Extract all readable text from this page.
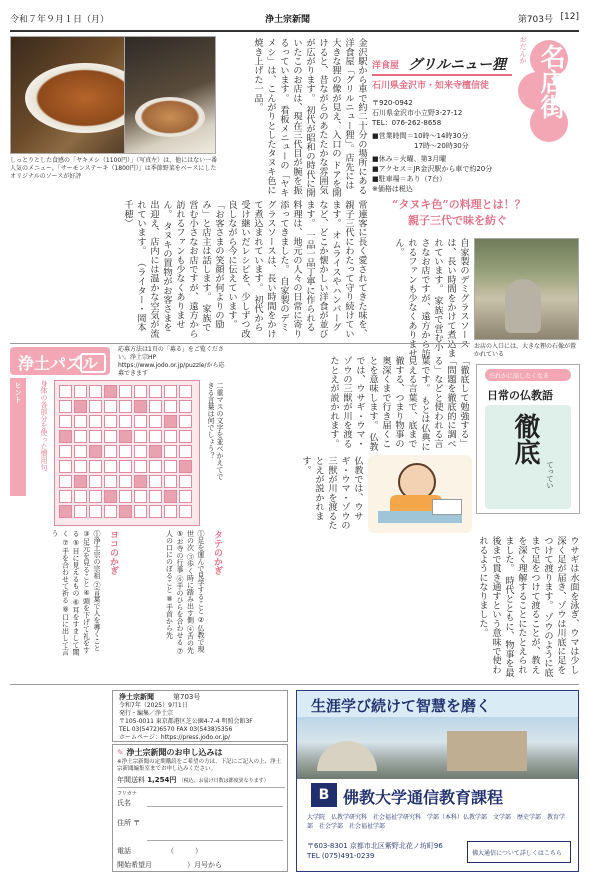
令和７年９月１日（月）	浄土宗新聞	第703号 [12]
しっとりとした食感の「ヤキメシ（1100円）」（写真左）は、他にはない一番人気のメニュー。「サーモンステーキ（1800円）」は季節野菜をベースにしたオリジナルのソースが好評	金沢駅から車で約二十分の場所にある洋食屋「グリルニュー狸」。店先には大きな狸の像が見え、入口の ドアを開けると、昔ながらのあたたかな雰囲気が広がります。 初代が昭和の時代に開いたこのお店は、現在三代目が腕を振るっています。 看板メニューの「ヤキメシ」は、こんがりとしたタヌキ色に焼き上げた一品。
常連客に長く愛されてきた味を、親子三代にわたって守り続けています。 オムライスやハンバーグなど、どこか懐かしい洋食が並びます。 一品一品丁寧に作られる料理は、地元の人々の日常に寄り添ってきました。 自家製のデミグラスソースは、長い時間をかけて煮込まれています。 初代から受け継いだレシピを、少しずつ改良しながら今に伝えています。 「お客さまの笑顔が何よりの励み」と店主は話します。 家族で営む小さなお店ですが、遠方から訪れるファンも少なくありません。 タヌキの置物がお客さまを出迎え、店内には温かな空気が流れています。 （ライター・岡本千穂）
洋食屋 グリルニュー狸
石川県金沢市・如来寺檀信徒 名店街
おだんか
〒920-0942
石川県金沢市小立野3-27-12
TEL：076-262-8658
■営業時間＝10時～14時30分
　　　　　　17時～20時30分
■休み＝火曜、第3月曜
■アクセス＝JR金沢駅から車で約20分
■駐車場＝あり（7台）
※価格は税込
“タヌキ色”の料理とは！？
親子三代で味を紡ぐ
お店の入口には、大きな狸の石像が置かれている
自家製のデミグラスソースは、長い時間をかけて煮込まれています。 家族で営む小さなお店ですが、遠方から訪れるファンも少なくありません。
浄土パズル
応募方法は1頁の「募る」をご覧ください。浄土宗HP https://www.jodo.or.jp/puzzle/から応募できます
ヒント	身体の各部分を使った慣用句	二重マスの文字を並べかえてできる言葉は何でしょう？
タテのかぎ
①足を運んで見学すること ②仏教で現世の次 ③歩く時に踏み出す側 ④舌の先 ⑤お寺の行事 ⑥手のひらを合わせる ⑦人の口にのぼること ⑧手首から先
ヨコのかぎ
①浄土宗の宗祖 ②言葉で人を導くこと ③足元を見ること ④頭を下げて礼をする ⑤目に見えるもの ⑥耳をすまして聞く ⑦手を合わせて祈る ⑧口に出して言う
だれかに話したくなる
日常の仏教語
徹底
てってい
「徹底して勉強する」「問題を徹底的に調べる」などと使われる言葉です。 もとは仏典に見える言葉で、底まで徹する、つまり物事の奥深くまで行き届くことを意味します。 仏教では、ウサギ・ウマ・ゾウの三獣が川を渡るたとえが説かれます。
ウサギは水面を泳ぎ、ウマは少し深く足が届き、ゾウは川底に足をつけて渡ります。 ゾウのように底まで足をつけて渡ることが、教えを深く理解することにたとえられました。 時代とともに、物事を最後まで貫き通すという意味で使われるようになりました。
仏教では、ウサギ・ウマ・ゾウの三獣が川を渡るたとえが説かれます。
浄土宗新聞	第703号
令和7年（2025）9月1日
発行・編集／浄土宗
〒105-0011 東京都港区芝公園4-7-4 明照会館3F
TEL 03(5472)6570 FAX 03(5438)5356
ホームページ：https://press.jodo.or.jp/
✎ 浄土宗新聞のお申し込みは
※浄土宗新聞の定期購読をご希望の方は、下記にご記入の上、浄土宗新聞編集室までお申し込みください。
年間送料 1,254円 （税込、お届け日数は都度異なります）
フリガナ
氏名
住所 〒
電話	（　　　）
開始希望月	）月号から
生涯学び続けて智慧を磨く
B 佛教大学通信教育課程
大学院　仏教学研究科　社会福祉学研究科　学部（本科）仏教学部　文学部　歴史学部　教育学部　社会学部　社会福祉学部
〒603-8301 京都市北区紫野北花ノ坊町96
TEL (075)491-0239	佛大通信について詳しくはこちら
